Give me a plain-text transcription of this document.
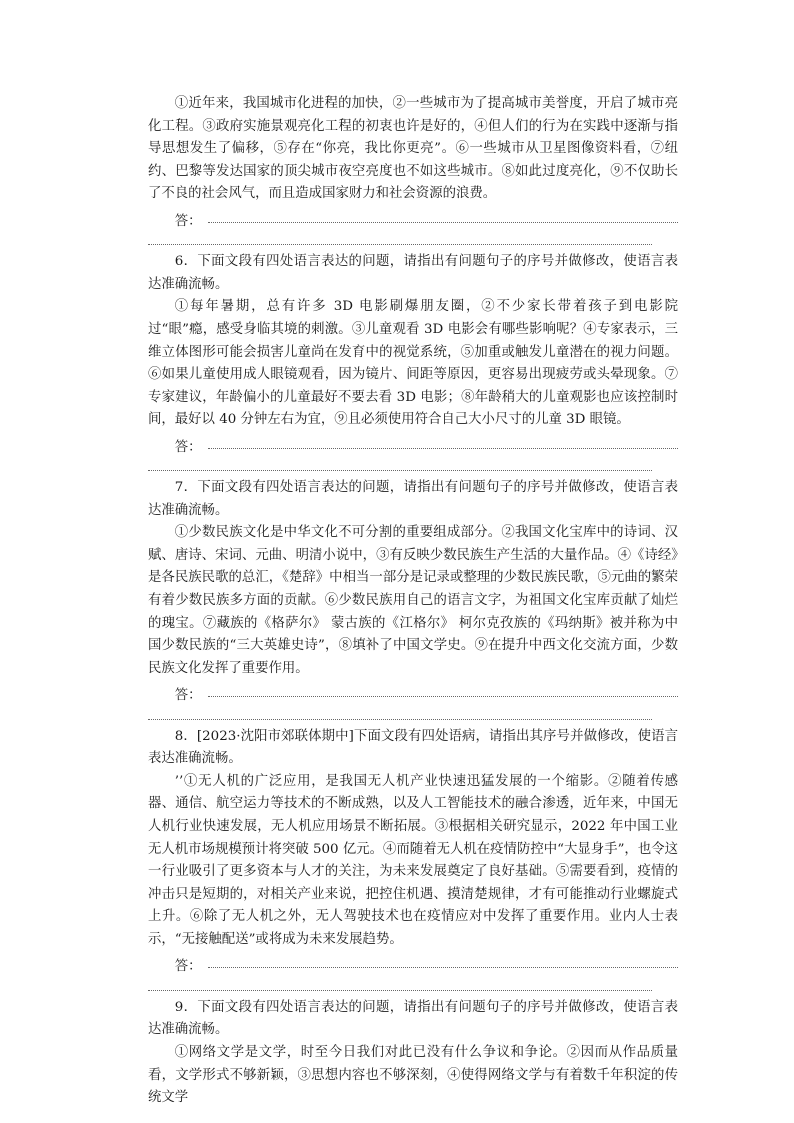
①近年来，我国城市化进程的加快，②一些城市为了提高城市美誉度，开启了城市亮化工程。③政府实施景观亮化工程的初衷也许是好的，④但人们的行为在实践中逐渐与指导思想发生了偏移，⑤存在“你亮，我比你更亮”。⑥一些城市从卫星图像资料看，⑦纽约、巴黎等发达国家的顶尖城市夜空亮度也不如这些城市。⑧如此过度亮化，⑨不仅助长了不良的社会风气，而且造成国家财力和社会资源的浪费。

答：

6．下面文段有四处语言表达的问题，请指出有问题句子的序号并做修改，使语言表达准确流畅。

①每年暑期，总有许多 3D 电影刷爆朋友圈，②不少家长带着孩子到电影院过“眼”瘾，感受身临其境的刺激。③儿童观看 3D 电影会有哪些影响呢？④专家表示，三维立体图形可能会损害儿童尚在发育中的视觉系统，⑤加重或触发儿童潜在的视力问题。⑥如果儿童使用成人眼镜观看，因为镜片、间距等原因，更容易出现疲劳或头晕现象。⑦专家建议，年龄偏小的儿童最好不要去看 3D 电影；⑧年龄稍大的儿童观影也应该控制时间，最好以 40 分钟左右为宜，⑨且必须使用符合自己大小尺寸的儿童 3D 眼镜。

答：

7．下面文段有四处语言表达的问题，请指出有问题句子的序号并做修改，使语言表达准确流畅。

①少数民族文化是中华文化不可分割的重要组成部分。②我国文化宝库中的诗词、汉赋、唐诗、宋词、元曲、明清小说中，③有反映少数民族生产生活的大量作品。④《诗经》是各民族民歌的总汇，《楚辞》中相当一部分是记录或整理的少数民族民歌，⑤元曲的繁荣有着少数民族多方面的贡献。⑥少数民族用自己的语言文字，为祖国文化宝库贡献了灿烂的瑰宝。⑦藏族的《格萨尔》 蒙古族的《江格尔》 柯尔克孜族的《玛纳斯》被并称为中国少数民族的“三大英雄史诗”，⑧填补了中国文学史。⑨在提升中西文化交流方面，少数民族文化发挥了重要作用。

答：

8．[2023·沈阳市郊联体期中]下面文段有四处语病，请指出其序号并做修改，使语言表达准确流畅。

’’①无人机的广泛应用，是我国无人机产业快速迅猛发展的一个缩影。②随着传感器、通信、航空运力等技术的不断成熟，以及人工智能技术的融合渗透，近年来，中国无人机行业快速发展，无人机应用场景不断拓展。③根据相关研究显示，2022 年中国工业无人机市场规模预计将突破 500 亿元。④而随着无人机在疫情防控中“大显身手”，也令这一行业吸引了更多资本与人才的关注，为未来发展奠定了良好基础。⑤需要看到，疫情的冲击只是短期的，对相关产业来说，把控住机遇、摸清楚规律，才有可能推动行业螺旋式上升。⑥除了无人机之外，无人驾驶技术也在疫情应对中发挥了重要作用。业内人士表示，“无接触配送”或将成为未来发展趋势。

答：

9．下面文段有四处语言表达的问题，请指出有问题句子的序号并做修改，使语言表达准确流畅。

①网络文学是文学，时至今日我们对此已没有什么争议和争论。②因而从作品质量看，文学形式不够新颖，③思想内容也不够深刻，④使得网络文学与有着数千年积淀的传统文学
